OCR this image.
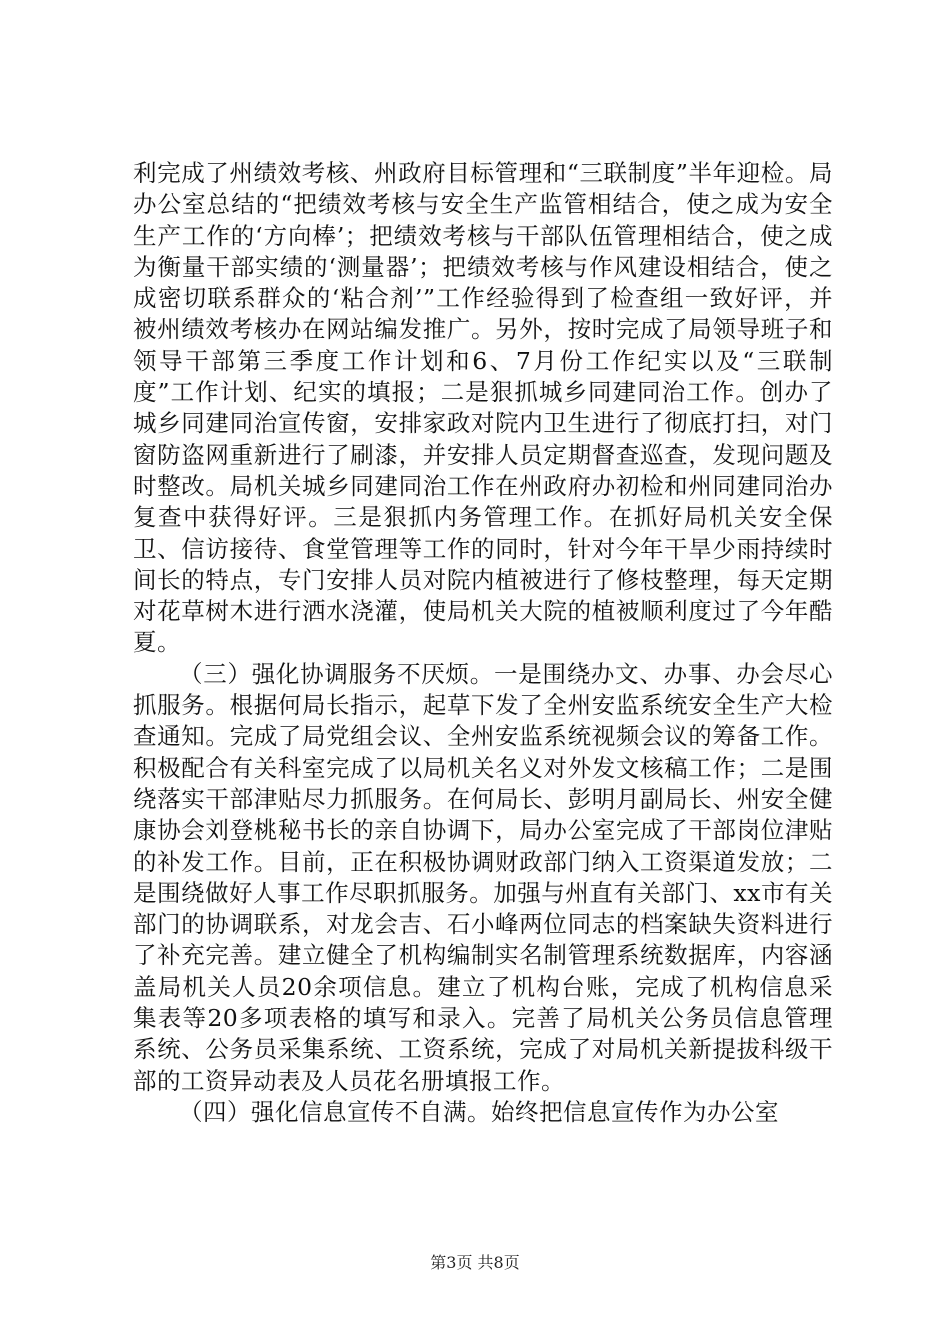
利完成了州绩效考核、州政府目标管理和“三联制度”半年迎检。局办公室总结的“把绩效考核与安全生产监管相结合，使之成为安全生产工作的‘方向棒’；把绩效考核与干部队伍管理相结合，使之成为衡量干部实绩的‘测量器’；把绩效考核与作风建设相结合，使之成密切联系群众的‘粘合剂’”工作经验得到了检查组一致好评，并被州绩效考核办在网站编发推广。另外，按时完成了局领导班子和领导干部第三季度工作计划和6、7月份工作纪实以及“三联制度”工作计划、纪实的填报；二是狠抓城乡同建同治工作。创办了城乡同建同治宣传窗，安排家政对院内卫生进行了彻底打扫，对门窗防盗网重新进行了刷漆，并安排人员定期督查巡查，发现问题及时整改。局机关城乡同建同治工作在州政府办初检和州同建同治办复查中获得好评。三是狠抓内务管理工作。在抓好局机关安全保卫、信访接待、食堂管理等工作的同时，针对今年干旱少雨持续时间长的特点，专门安排人员对院内植被进行了修枝整理，每天定期对花草树木进行洒水浇灌，使局机关大院的植被顺利度过了今年酷夏。

（三）强化协调服务不厌烦。一是围绕办文、办事、办会尽心抓服务。根据何局长指示，起草下发了全州安监系统安全生产大检查通知。完成了局党组会议、全州安监系统视频会议的筹备工作。积极配合有关科室完成了以局机关名义对外发文核稿工作；二是围绕落实干部津贴尽力抓服务。在何局长、彭明月副局长、州安全健康协会刘登桃秘书长的亲自协调下，局办公室完成了干部岗位津贴的补发工作。目前，正在积极协调财政部门纳入工资渠道发放；二是围绕做好人事工作尽职抓服务。加强与州直有关部门、xx市有关部门的协调联系，对龙会吉、石小峰两位同志的档案缺失资料进行了补充完善。建立健全了机构编制实名制管理系统数据库，内容涵盖局机关人员20余项信息。建立了机构台账，完成了机构信息采集表等20多项表格的填写和录入。完善了局机关公务员信息管理系统、公务员采集系统、工资系统，完成了对局机关新提拔科级干部的工资异动表及人员花名册填报工作。

（四）强化信息宣传不自满。始终把信息宣传作为办公室

第3页 共8页
